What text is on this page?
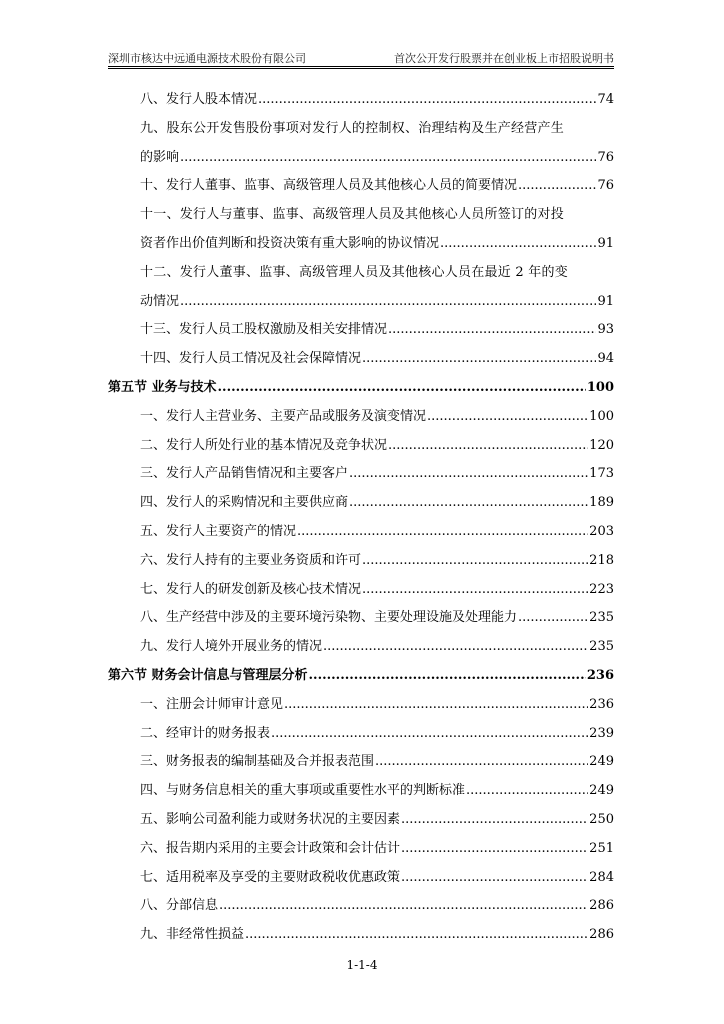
深圳市核达中远通电源技术股份有限公司	首次公开发行股票并在创业板上市招股说明书
八、发行人股本情况 .....	74
九、股东公开发售股份事项对发行人的控制权、治理结构及生产经营产生
的影响 .....	76
十、发行人董事、监事、高级管理人员及其他核心人员的简要情况 .....	76
十一、发行人与董事、监事、高级管理人员及其他核心人员所签订的对投
资者作出价值判断和投资决策有重大影响的协议情况 .....	91
十二、发行人董事、监事、高级管理人员及其他核心人员在最近 2 年的变
动情况 .....	91
十三、发行人员工股权激励及相关安排情况 .....	93
十四、发行人员工情况及社会保障情况 .....	94
第五节 业务与技术 .....	100
一、发行人主营业务、主要产品或服务及演变情况 .....	100
二、发行人所处行业的基本情况及竞争状况 .....	120
三、发行人产品销售情况和主要客户 .....	173
四、发行人的采购情况和主要供应商 .....	189
五、发行人主要资产的情况 .....	203
六、发行人持有的主要业务资质和许可 .....	218
七、发行人的研发创新及核心技术情况 .....	223
八、生产经营中涉及的主要环境污染物、主要处理设施及处理能力 .....	235
九、发行人境外开展业务的情况 .....	235
第六节 财务会计信息与管理层分析 .....	236
一、注册会计师审计意见 .....	236
二、经审计的财务报表 .....	239
三、财务报表的编制基础及合并报表范围 .....	249
四、与财务信息相关的重大事项或重要性水平的判断标准 .....	249
五、影响公司盈利能力或财务状况的主要因素 .....	250
六、报告期内采用的主要会计政策和会计估计 .....	251
七、适用税率及享受的主要财政税收优惠政策 .....	284
八、分部信息 .....	286
九、非经常性损益 .....	286
1-1-4
